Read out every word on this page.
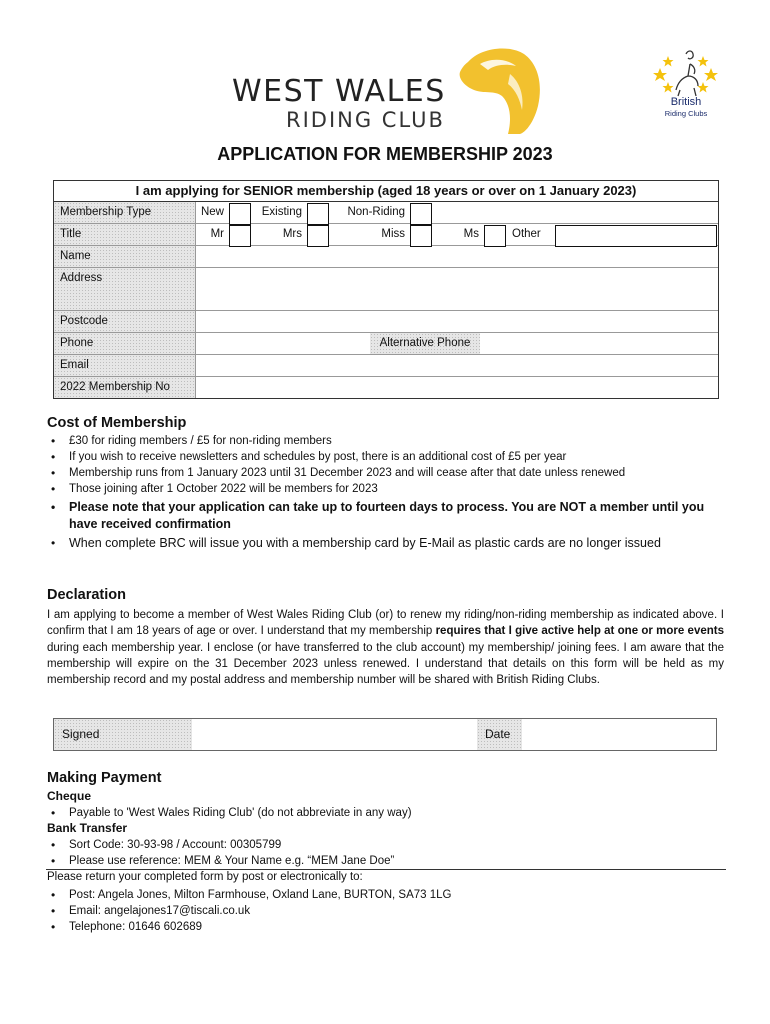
WEST WALES
RIDING CLUB
British
Riding Clubs
APPLICATION FOR MEMBERSHIP 2023
I am applying for SENIOR membership (aged 18 years or over on 1 January 2023)
Membership Type	New	Existing	Non-Riding
Title	Mr	Mrs	Miss	Ms	Other
Name
Address
Postcode
Phone	Alternative Phone
Email
2022 Membership No
Cost of Membership
• £30 for riding members / £5 for non-riding members
• If you wish to receive newsletters and schedules by post, there is an additional cost of £5 per year
• Membership runs from 1 January 2023 until 31 December 2023 and will cease after that date unless renewed
• Those joining after 1 October 2022 will be members for 2023
• Please note that your application can take up to fourteen days to process. You are NOT a member until you have received confirmation
• When complete BRC will issue you with a membership card by E-Mail as plastic cards are no longer issued
Declaration
I am applying to become a member of West Wales Riding Club (or) to renew my riding/non-riding membership as indicated above. I confirm that I am 18 years of age or over. I understand that my membership requires that I give active help at one or more events during each membership year. I enclose (or have transferred to the club account) my membership/ joining fees. I am aware that the membership will expire on the 31 December 2023 unless renewed. I understand that details on this form will be held as my membership record and my postal address and membership number will be shared with British Riding Clubs.
Signed	Date
Making Payment
Cheque
• Payable to 'West Wales Riding Club' (do not abbreviate in any way)
Bank Transfer
• Sort Code: 30-93-98 / Account: 00305799
• Please use reference: MEM & Your Name e.g. “MEM Jane Doe”
Please return your completed form by post or electronically to:
• Post: Angela Jones, Milton Farmhouse, Oxland Lane, BURTON, SA73 1LG
• Email: angelajones17@tiscali.co.uk
• Telephone: 01646 602689
